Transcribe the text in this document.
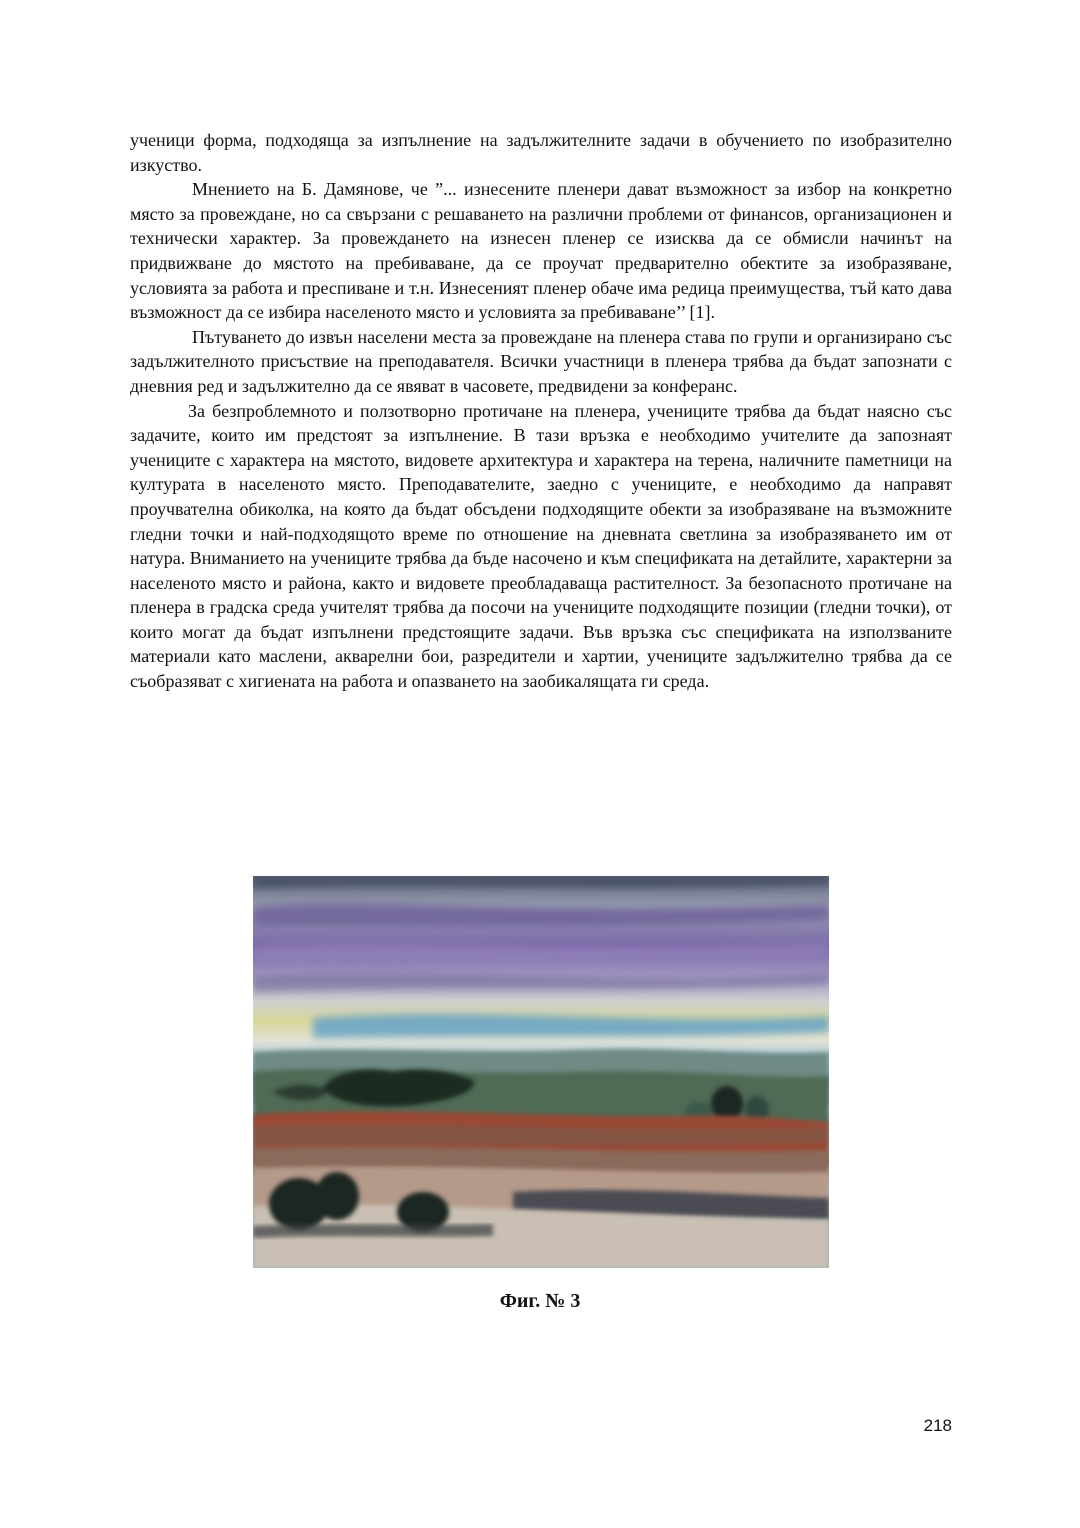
ученици форма, подходяща за изпълнение на задължителните задачи в обучението по изобразително изкуство.

Мнението на Б. Дамянове, че ”... изнесените пленери дават възможност за избор на конкретно място за провеждане, но са свързани с решаването на различни проблеми от финансов, организационен и технически характер. За провеждането на изнесен пленер се изисква да се обмисли начинът на придвижване до мястото на пребиваване, да се проучат предварително обектите за изобразяване, условията за работа и преспиване и т.н. Изнесеният пленер обаче има редица преимущества, тъй като дава възможност да се избира населеното място и условията за пребиваване’’ [1].

Пътуването до извън населени места за провеждане на пленера става по групи и организирано със задължителното присъствие на преподавателя. Всички участници в пленера трябва да бъдат запознати с дневния ред и задължително да се явяват в часовете, предвидени за конферанс.

За безпроблемното и ползотворно протичане на пленера, учениците трябва да бъдат наясно със задачите, които им предстоят за изпълнение. В тази връзка е необходимо учителите да запознаят учениците с характера на мястото, видовете архитектура и характера на терена, наличните паметници на културата в населеното място. Преподавателите, заедно с учениците, е необходимо да направят проучвателна обиколка, на която да бъдат обсъдени подходящите обекти за изобразяване на възможните гледни точки и най-подходящото време по отношение на дневната светлина за изобразяването им от натура. Вниманието на учениците трябва да бъде насочено и към спецификата на детайлите, характерни за населеното място и района, както и видовете преобладаваща растителност. За безопасното протичане на пленера в градска среда учителят трябва да посочи на учениците подходящите позиции (гледни точки), от които могат да бъдат изпълнени предстоящите задачи. Във връзка със спецификата на използваните материали като маслени, акварелни бои, разредители и хартии, учениците задължително трябва да се съобразяват с хигиената на работа и опазването на заобикалящата ги среда.

Фиг. № 3
218
